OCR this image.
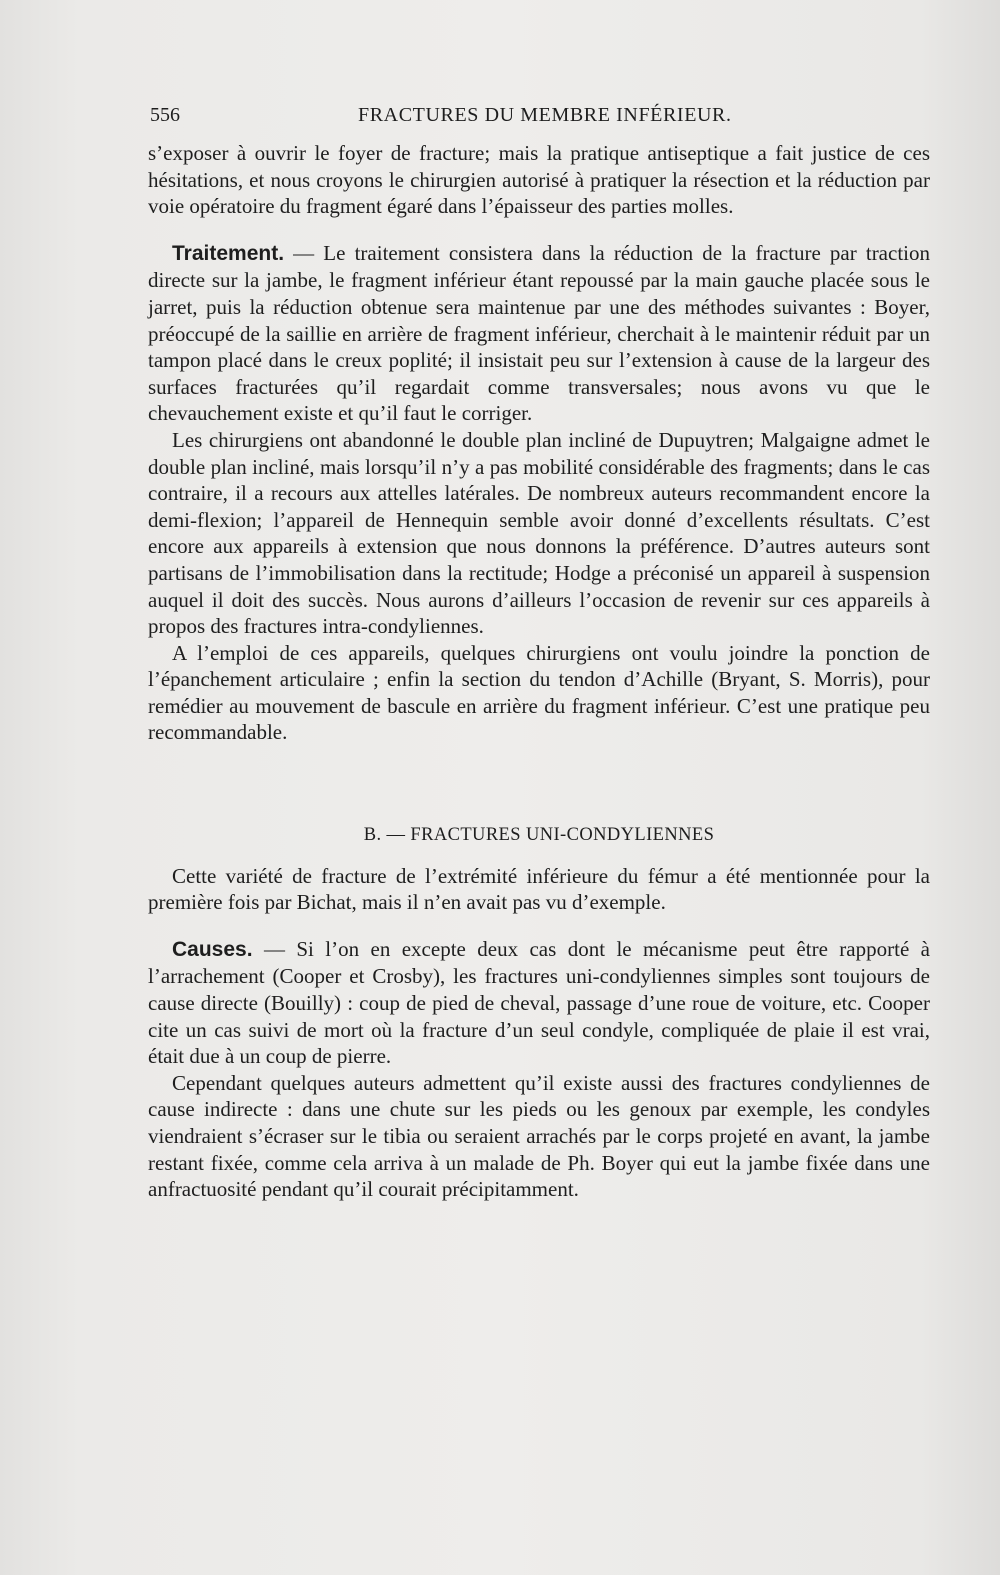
556	FRACTURES DU MEMBRE INFÉRIEUR.

s’exposer à ouvrir le foyer de fracture; mais la pratique antiseptique a fait justice de ces hésitations, et nous croyons le chirurgien autorisé à pratiquer la résection et la réduction par voie opératoire du fragment égaré dans l’épaisseur des parties molles.

Traitement. — Le traitement consistera dans la réduction de la fracture par traction directe sur la jambe, le fragment inférieur étant repoussé par la main gauche placée sous le jarret, puis la réduction obtenue sera maintenue par une des méthodes suivantes : Boyer, préoccupé de la saillie en arrière de fragment inférieur, cherchait à le maintenir réduit par un tampon placé dans le creux poplité; il insistait peu sur l’extension à cause de la largeur des surfaces fracturées qu’il regardait comme transversales; nous avons vu que le chevauchement existe et qu’il faut le corriger.

Les chirurgiens ont abandonné le double plan incliné de Dupuytren; Malgaigne admet le double plan incliné, mais lorsqu’il n’y a pas mobilité considérable des fragments; dans le cas contraire, il a recours aux attelles latérales. De nombreux auteurs recommandent encore la demi-flexion; l’appareil de Hennequin semble avoir donné d’excellents résultats. C’est encore aux appareils à extension que nous donnons la préférence. D’autres auteurs sont partisans de l’immobilisation dans la rectitude; Hodge a préconisé un appareil à suspension auquel il doit des succès. Nous aurons d’ailleurs l’occasion de revenir sur ces appareils à propos des fractures intra-condyliennes.

A l’emploi de ces appareils, quelques chirurgiens ont voulu joindre la ponction de l’épanchement articulaire ; enfin la section du tendon d’Achille (Bryant, S. Morris), pour remédier au mouvement de bascule en arrière du fragment inférieur. C’est une pratique peu recommandable.

B. — FRACTURES UNI-CONDYLIENNES

Cette variété de fracture de l’extrémité inférieure du fémur a été mentionnée pour la première fois par Bichat, mais il n’en avait pas vu d’exemple.

Causes. — Si l’on en excepte deux cas dont le mécanisme peut être rapporté à l’arrachement (Cooper et Crosby), les fractures uni-condyliennes simples sont toujours de cause directe (Bouilly) : coup de pied de cheval, passage d’une roue de voiture, etc. Cooper cite un cas suivi de mort où la fracture d’un seul condyle, compliquée de plaie il est vrai, était due à un coup de pierre.

Cependant quelques auteurs admettent qu’il existe aussi des fractures condyliennes de cause indirecte : dans une chute sur les pieds ou les genoux par exemple, les condyles viendraient s’écraser sur le tibia ou seraient arrachés par le corps projeté en avant, la jambe restant fixée, comme cela arriva à un malade de Ph. Boyer qui eut la jambe fixée dans une anfractuosité pendant qu’il courait précipitamment.
